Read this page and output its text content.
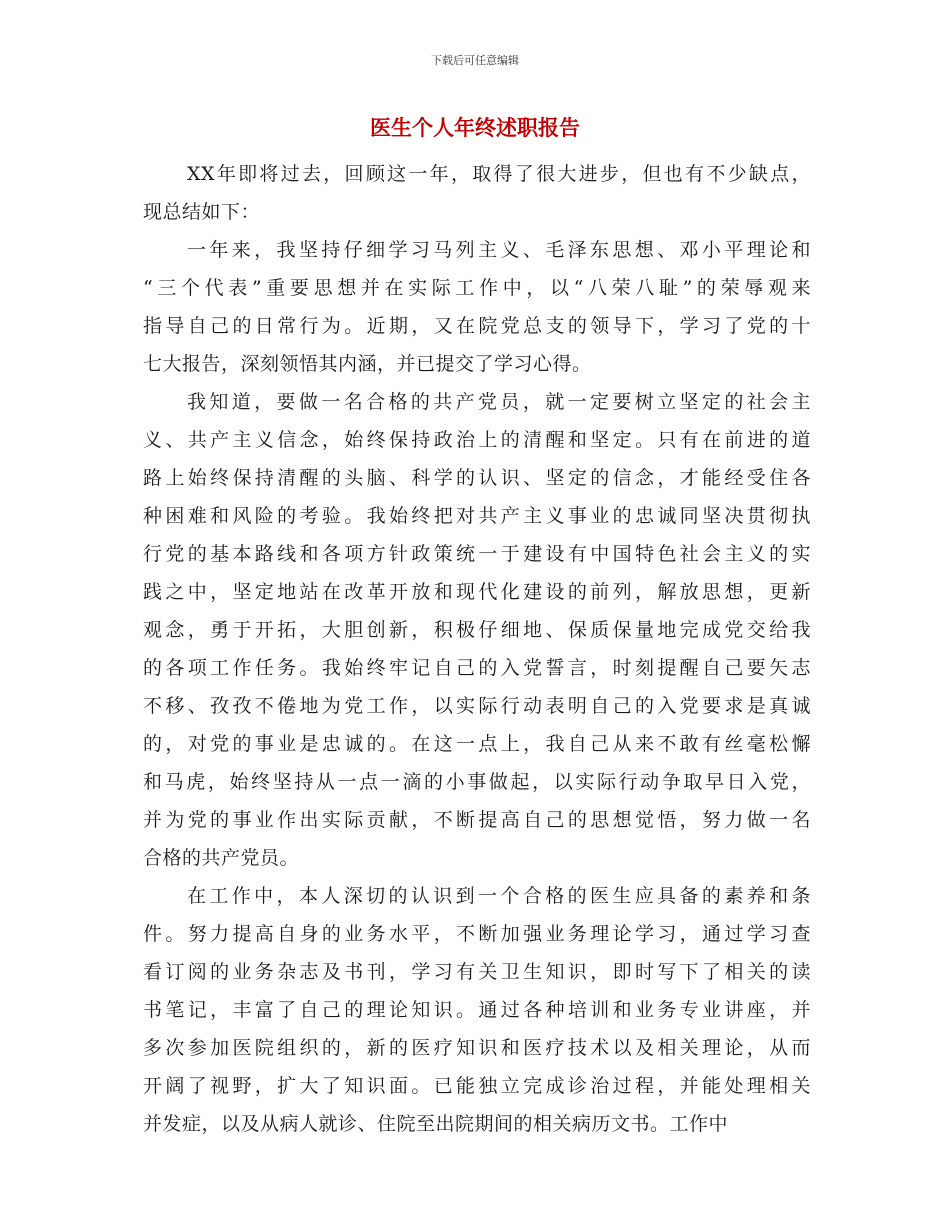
下载后可任意编辑
医生个人年终述职报告
XX年即将过去，回顾这一年，取得了很大进步，但也有不少缺点，
现总结如下：
一年来，我坚持仔细学习马列主义、毛泽东思想、邓小平理论和
“三个代表”重要思想并在实际工作中，以“八荣八耻”的荣辱观来
指导自己的日常行为。近期，又在院党总支的领导下，学习了党的十
七大报告，深刻领悟其内涵，并已提交了学习心得。
我知道，要做一名合格的共产党员，就一定要树立坚定的社会主
义、共产主义信念，始终保持政治上的清醒和坚定。只有在前进的道
路上始终保持清醒的头脑、科学的认识、坚定的信念，才能经受住各
种困难和风险的考验。我始终把对共产主义事业的忠诚同坚决贯彻执
行党的基本路线和各项方针政策统一于建设有中国特色社会主义的实
践之中，坚定地站在改革开放和现代化建设的前列，解放思想，更新
观念，勇于开拓，大胆创新，积极仔细地、保质保量地完成党交给我
的各项工作任务。我始终牢记自己的入党誓言，时刻提醒自己要矢志
不移、孜孜不倦地为党工作，以实际行动表明自己的入党要求是真诚
的，对党的事业是忠诚的。在这一点上，我自己从来不敢有丝毫松懈
和马虎，始终坚持从一点一滴的小事做起，以实际行动争取早日入党，
并为党的事业作出实际贡献，不断提高自己的思想觉悟，努力做一名
合格的共产党员。
在工作中，本人深切的认识到一个合格的医生应具备的素养和条
件。努力提高自身的业务水平，不断加强业务理论学习，通过学习查
看订阅的业务杂志及书刊，学习有关卫生知识，即时写下了相关的读
书笔记，丰富了自己的理论知识。通过各种培训和业务专业讲座，并
多次参加医院组织的，新的医疗知识和医疗技术以及相关理论，从而
开阔了视野，扩大了知识面。已能独立完成诊治过程，并能处理相关
并发症，以及从病人就诊、住院至出院期间的相关病历文书。工作中
